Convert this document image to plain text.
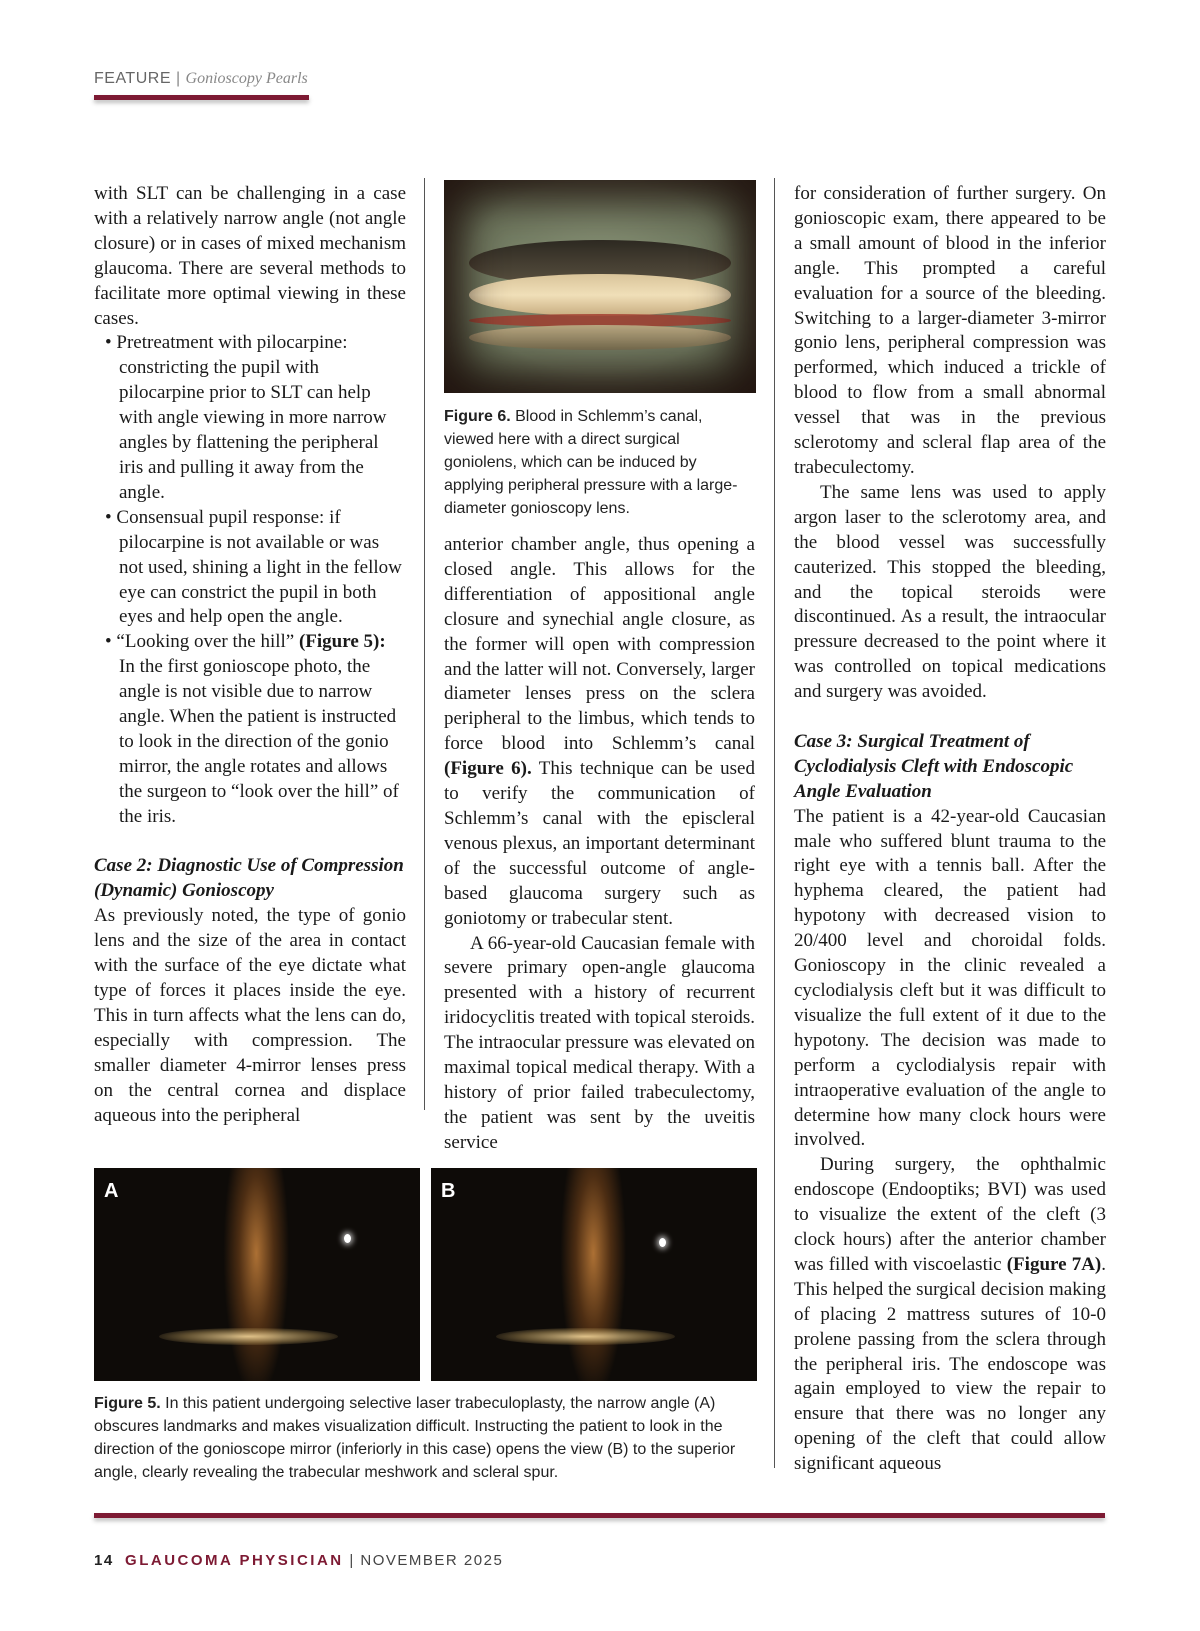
FEATURE | Gonioscopy Pearls

with SLT can be challenging in a case with a relatively narrow angle (not angle closure) or in cases of mixed mechanism glaucoma. There are several methods to facilitate more optimal viewing in these cases.

• Pretreatment with pilocarpine: constricting the pupil with pilocarpine prior to SLT can help with angle viewing in more narrow angles by flattening the peripheral iris and pulling it away from the angle.

• Consensual pupil response: if pilocarpine is not available or was not used, shining a light in the fellow eye can constrict the pupil in both eyes and help open the angle.

• “Looking over the hill” (Figure 5): In the first gonioscope photo, the angle is not visible due to narrow angle. When the patient is instructed to look in the direction of the gonio mirror, the angle rotates and allows the surgeon to “look over the hill” of the iris.

Case 2: Diagnostic Use of Compression (Dynamic) Gonioscopy

As previously noted, the type of gonio lens and the size of the area in contact with the surface of the eye dictate what type of forces it places inside the eye. This in turn affects what the lens can do, especially with compression. The smaller diameter 4-mirror lenses press on the central cornea and displace aqueous into the peripheral

Figure 6. Blood in Schlemm’s canal, viewed here with a direct surgical goniolens, which can be induced by applying peripheral pressure with a large-diameter gonioscopy lens.

anterior chamber angle, thus opening a closed angle. This allows for the differentiation of appositional angle closure and synechial angle closure, as the former will open with compression and the latter will not. Conversely, larger diameter lenses press on the sclera peripheral to the limbus, which tends to force blood into Schlemm’s canal (Figure 6). This technique can be used to verify the communication of Schlemm’s canal with the episcleral venous plexus, an important determinant of the successful outcome of angle-based glaucoma surgery such as goniotomy or trabecular stent.

A 66-year-old Caucasian female with severe primary open-angle glaucoma presented with a history of recurrent iridocyclitis treated with topical steroids. The intraocular pressure was elevated on maximal topical medical therapy. With a history of prior failed trabeculectomy, the patient was sent by the uveitis service

for consideration of further surgery. On gonioscopic exam, there appeared to be a small amount of blood in the inferior angle. This prompted a careful evaluation for a source of the bleeding. Switching to a larger-diameter 3-mirror gonio lens, peripheral compression was performed, which induced a trickle of blood to flow from a small abnormal vessel that was in the previous sclerotomy and scleral flap area of the trabeculectomy.

The same lens was used to apply argon laser to the sclerotomy area, and the blood vessel was successfully cauterized. This stopped the bleeding, and the topical steroids were discontinued. As a result, the intraocular pressure decreased to the point where it was controlled on topical medications and surgery was avoided.

Case 3: Surgical Treatment of Cyclodialysis Cleft with Endoscopic Angle Evaluation

The patient is a 42-year-old Caucasian male who suffered blunt trauma to the right eye with a tennis ball. After the hyphema cleared, the patient had hypotony with decreased vision to 20/400 level and choroidal folds. Gonioscopy in the clinic revealed a cyclodialysis cleft but it was difficult to visualize the full extent of it due to the hypotony. The decision was made to perform a cyclodialysis repair with intraoperative evaluation of the angle to determine how many clock hours were involved.

During surgery, the ophthalmic endoscope (Endooptiks; BVI) was used to visualize the extent of the cleft (3 clock hours) after the anterior chamber was filled with viscoelastic (Figure 7A). This helped the surgical decision making of placing 2 mattress sutures of 10-0 prolene passing from the sclera through the peripheral iris. The endoscope was again employed to view the repair to ensure that there was no longer any opening of the cleft that could allow significant aqueous

A	B
Figure 5. In this patient undergoing selective laser trabeculoplasty, the narrow angle (A) obscures landmarks and makes visualization difficult. Instructing the patient to look in the direction of the gonioscope mirror (inferiorly in this case) opens the view (B) to the superior angle, clearly revealing the trabecular meshwork and scleral spur.
14 GLAUCOMA PHYSICIAN | NOVEMBER 2025
